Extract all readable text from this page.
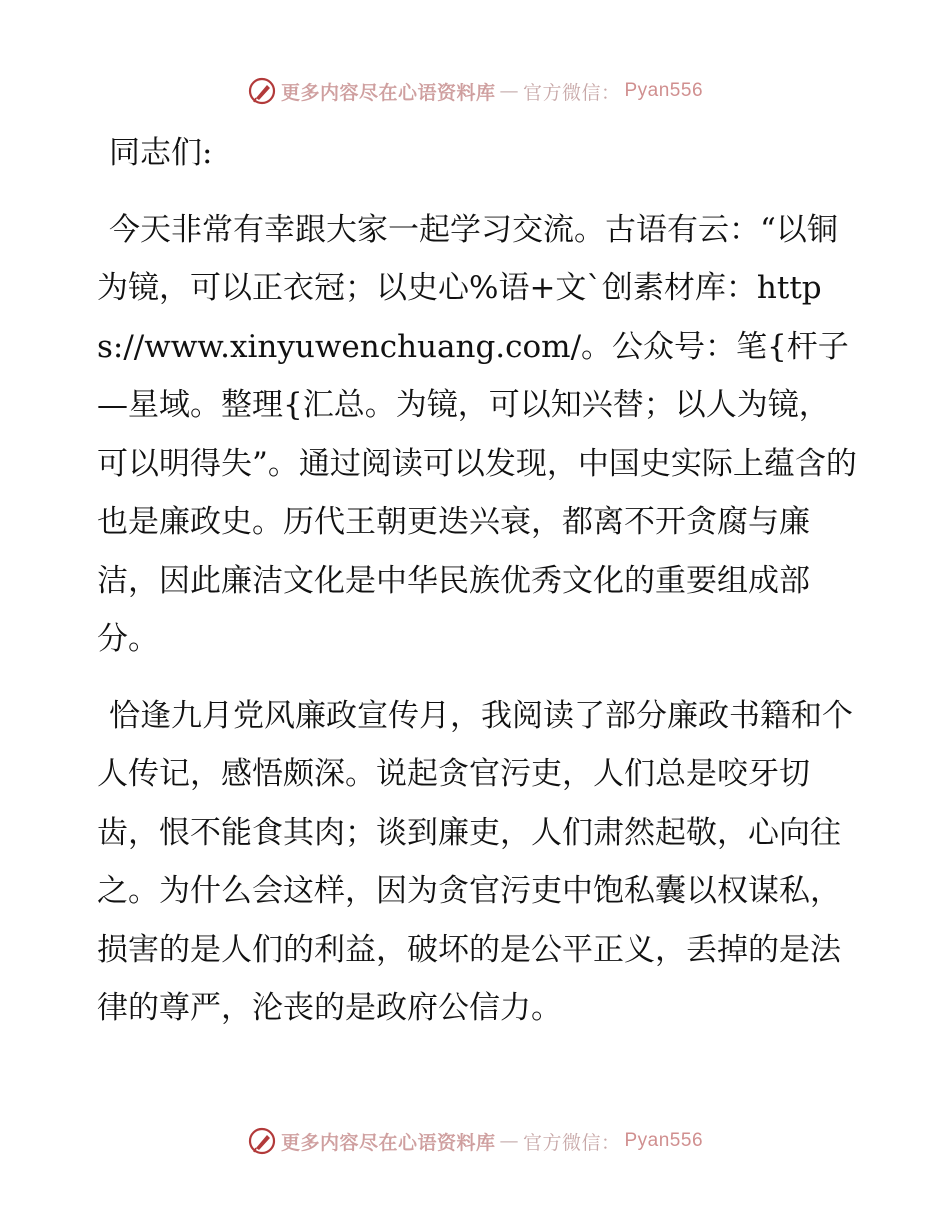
更多内容尽在心语资料库 — 官方微信： Pyan556

同志们:

今天非常有幸跟大家一起学习交流。古语有云：“以铜为镜，可以正衣冠；以史心%语+文`创素材库：https://www.xinyuwenchuang.com/。公众号：笔{杆子—星域。整理{汇总。为镜，可以知兴替；以人为镜，可以明得失”。通过阅读可以发现，中国史实际上蕴含的也是廉政史。历代王朝更迭兴衰，都离不开贪腐与廉洁，因此廉洁文化是中华民族优秀文化的重要组成部分。

恰逢九月党风廉政宣传月，我阅读了部分廉政书籍和个人传记，感悟颇深。说起贪官污吏，人们总是咬牙切齿，恨不能食其肉；谈到廉吏，人们肃然起敬，心向往之。为什么会这样，因为贪官污吏中饱私囊以权谋私，损害的是人们的利益，破坏的是公平正义，丢掉的是法律的尊严，沦丧的是政府公信力。

更多内容尽在心语资料库 — 官方微信： Pyan556
